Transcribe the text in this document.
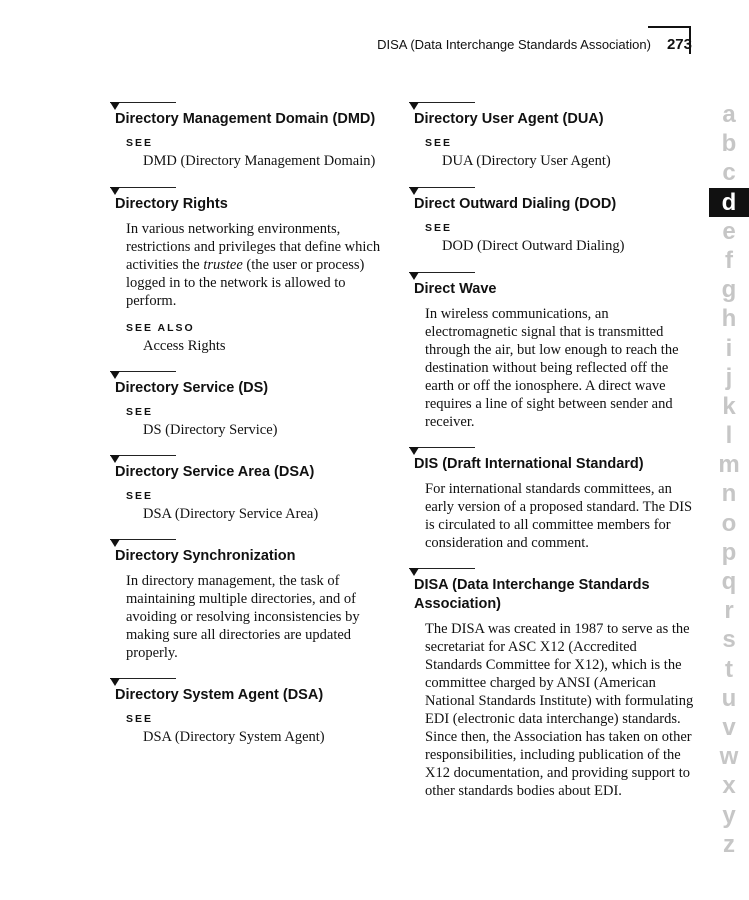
DISA (Data Interchange Standards Association) 273
Directory Management Domain (DMD)
SEE
DMD (Directory Management Domain)
Directory Rights

In various networking environments, restrictions and privileges that define which activities the trustee (the user or process) logged in to the network is allowed to perform.

SEE ALSO
Access Rights
Directory Service (DS)
SEE
DS (Directory Service)
Directory Service Area (DSA)
SEE
DSA (Directory Service Area)
Directory Synchronization

In directory management, the task of maintaining multiple directories, and of avoiding or resolving inconsistencies by making sure all directories are updated properly.

Directory System Agent (DSA)
SEE
DSA (Directory System Agent)
Directory User Agent (DUA)
SEE
DUA (Directory User Agent)
Direct Outward Dialing (DOD)
SEE
DOD (Direct Outward Dialing)
Direct Wave

In wireless communications, an electromagnetic signal that is transmitted through the air, but low enough to reach the destination without being reflected off the earth or off the ionosphere. A direct wave requires a line of sight between sender and receiver.

DIS (Draft International Standard)

For international standards committees, an early version of a proposed standard. The DIS is circulated to all committee members for consideration and comment.

DISA (Data Interchange Standards Association)

The DISA was created in 1987 to serve as the secretariat for ASC X12 (Accredited Standards Committee for X12), which is the committee charged by ANSI (American National Standards Institute) with formulating EDI (electronic data interchange) standards. Since then, the Association has taken on other responsibilities, including publication of the X12 documentation, and providing support to other standards bodies about EDI.

a
b
c
d
e
f
g
h
i
j
k
l
m
n
o
p
q
r
s
t
u
v
w
x
y
z
